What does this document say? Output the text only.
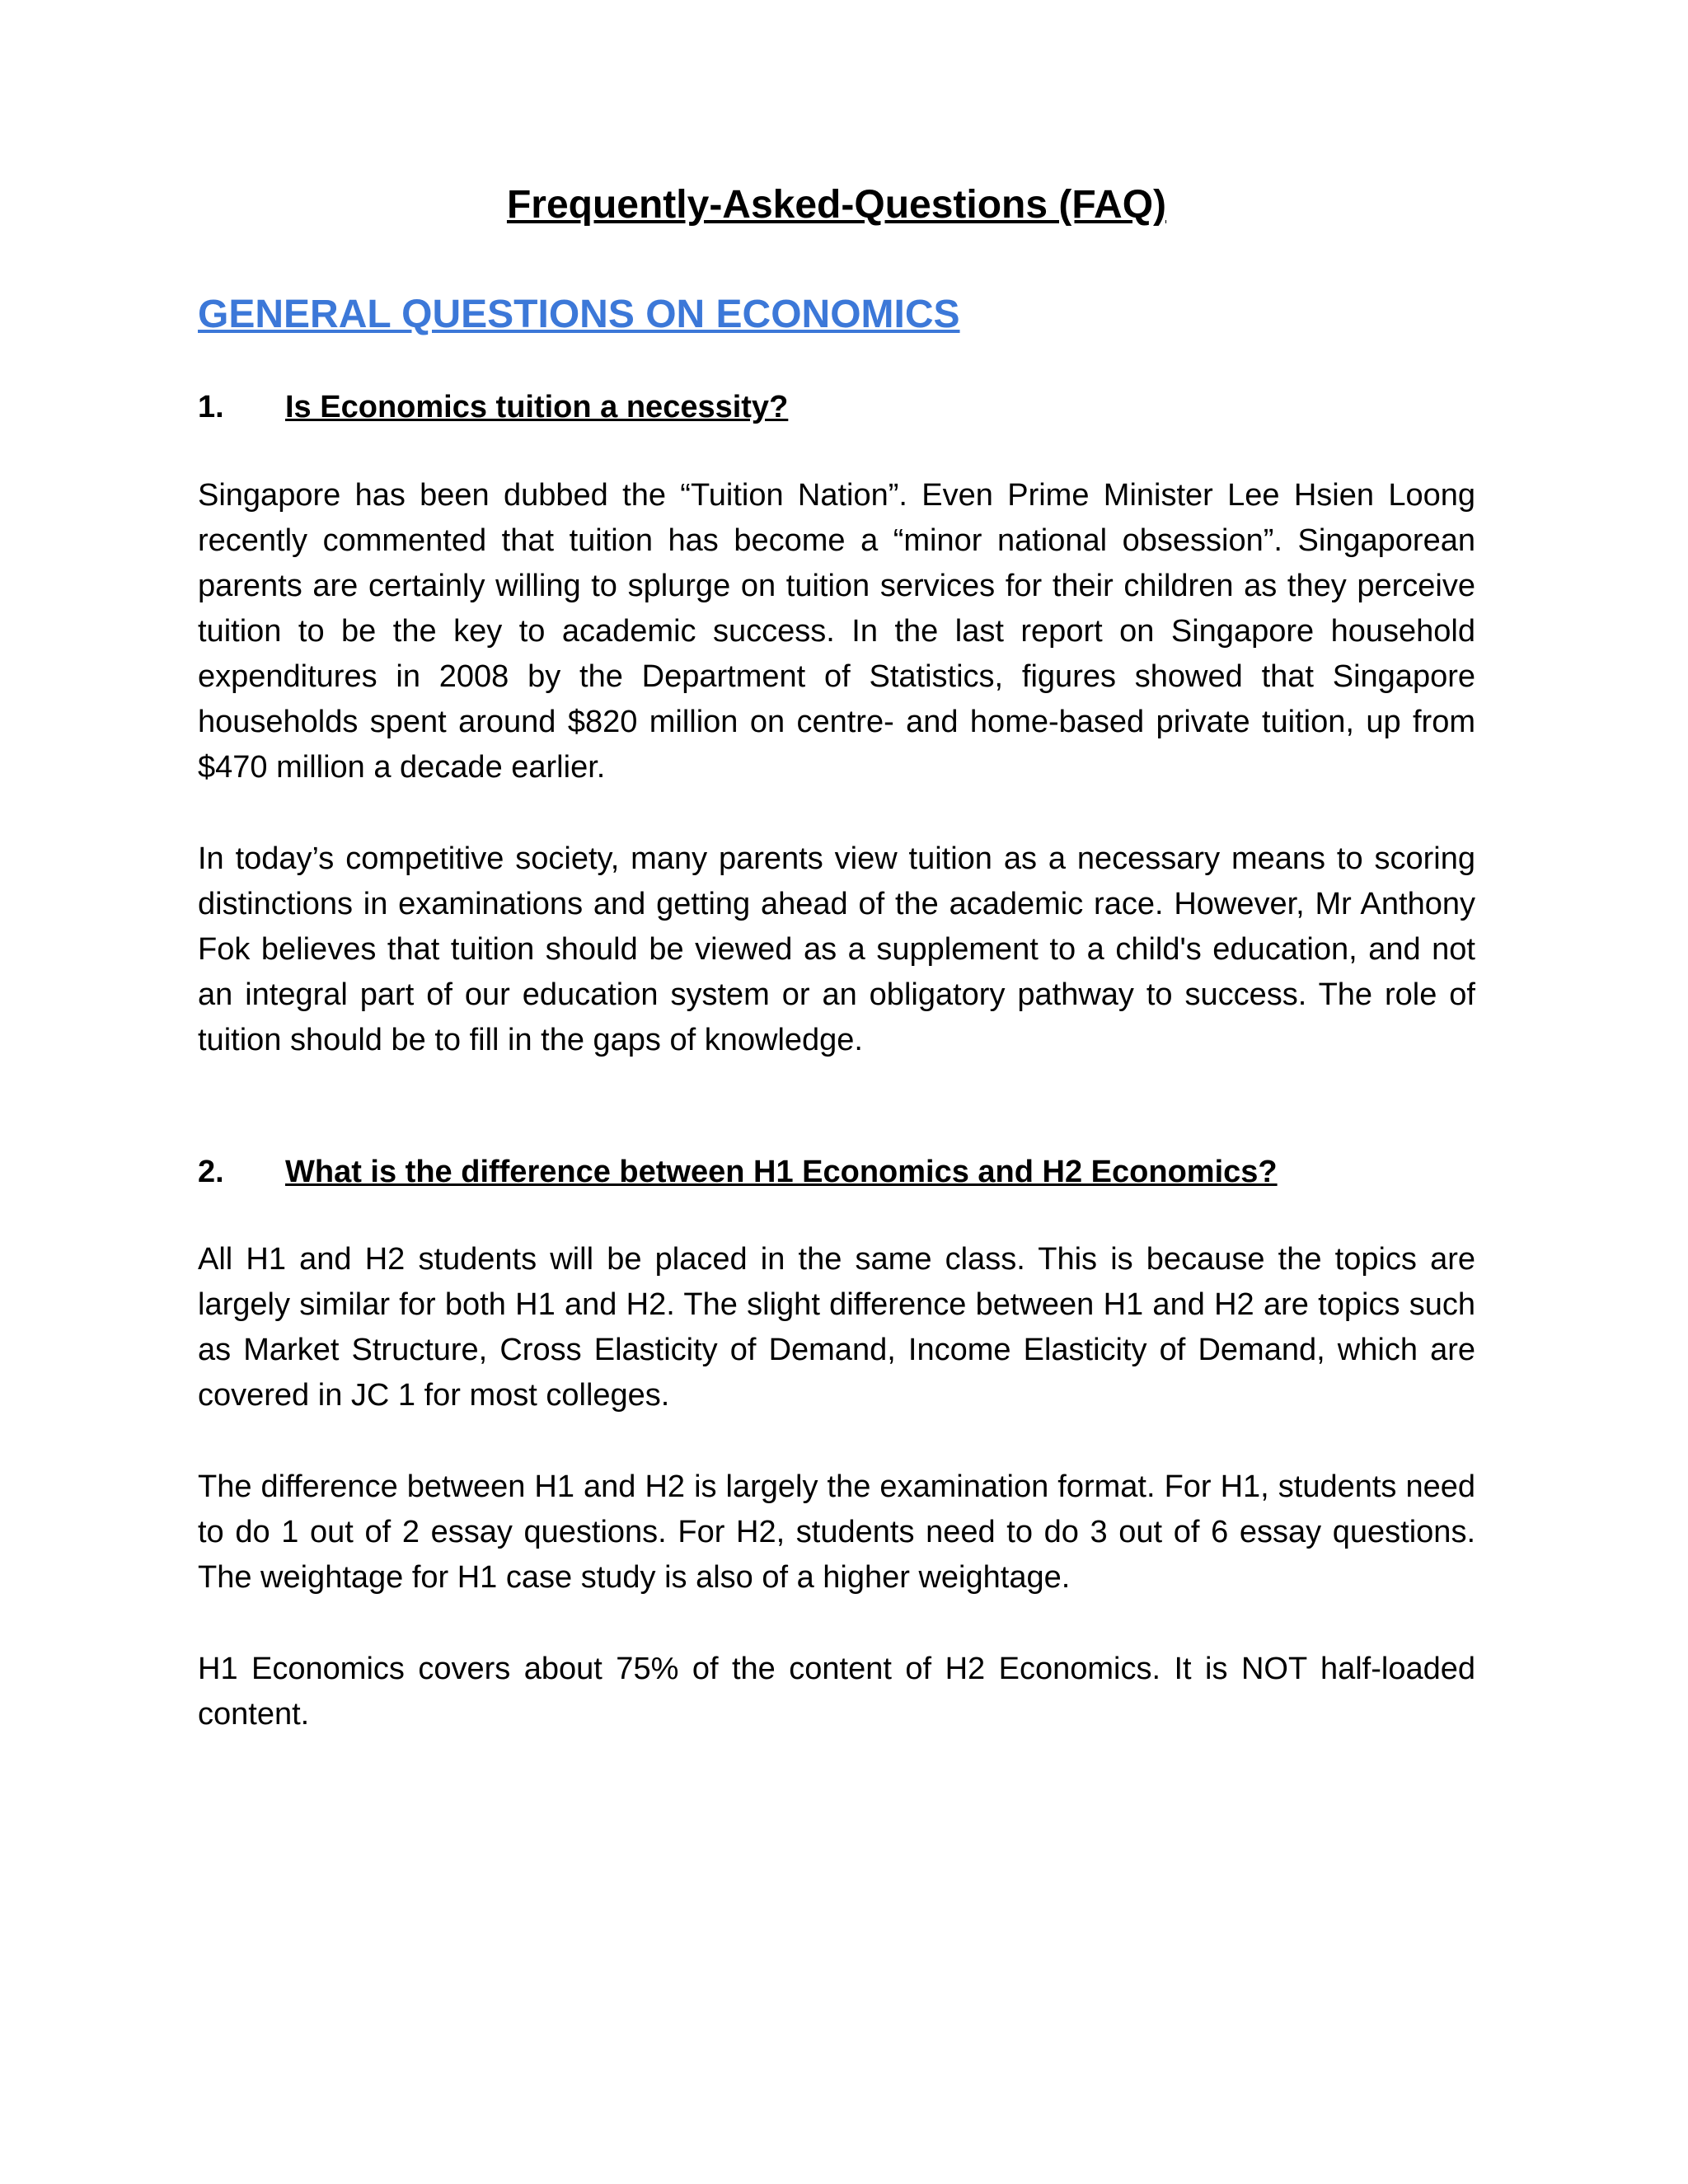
Frequently-Asked-Questions (FAQ)
GENERAL QUESTIONS ON ECONOMICS
1. Is Economics tuition a necessity?

Singapore has been dubbed the “Tuition Nation”. Even Prime Minister Lee Hsien Loong recently commented that tuition has become a “minor national obsession”. Singaporean parents are certainly willing to splurge on tuition services for their children as they perceive tuition to be the key to academic success. In the last report on Singapore household expenditures in 2008 by the Department of Statistics, figures showed that Singapore households spent around $820 million on centre- and home-based private tuition, up from $470 million a decade earlier.

In today’s competitive society, many parents view tuition as a necessary means to scoring distinctions in examinations and getting ahead of the academic race. However, Mr Anthony Fok believes that tuition should be viewed as a supplement to a child's education, and not an integral part of our education system or an obligatory pathway to success. The role of tuition should be to fill in the gaps of knowledge.

2. What is the difference between H1 Economics and H2 Economics?

All H1 and H2 students will be placed in the same class. This is because the topics are largely similar for both H1 and H2. The slight difference between H1 and H2 are topics such as Market Structure, Cross Elasticity of Demand, Income Elasticity of Demand, which are covered in JC 1 for most colleges.

The difference between H1 and H2 is largely the examination format. For H1, students need to do 1 out of 2 essay questions. For H2, students need to do 3 out of 6 essay questions. The weightage for H1 case study is also of a higher weightage.

H1 Economics covers about 75% of the content of H2 Economics. It is NOT half-loaded content.
